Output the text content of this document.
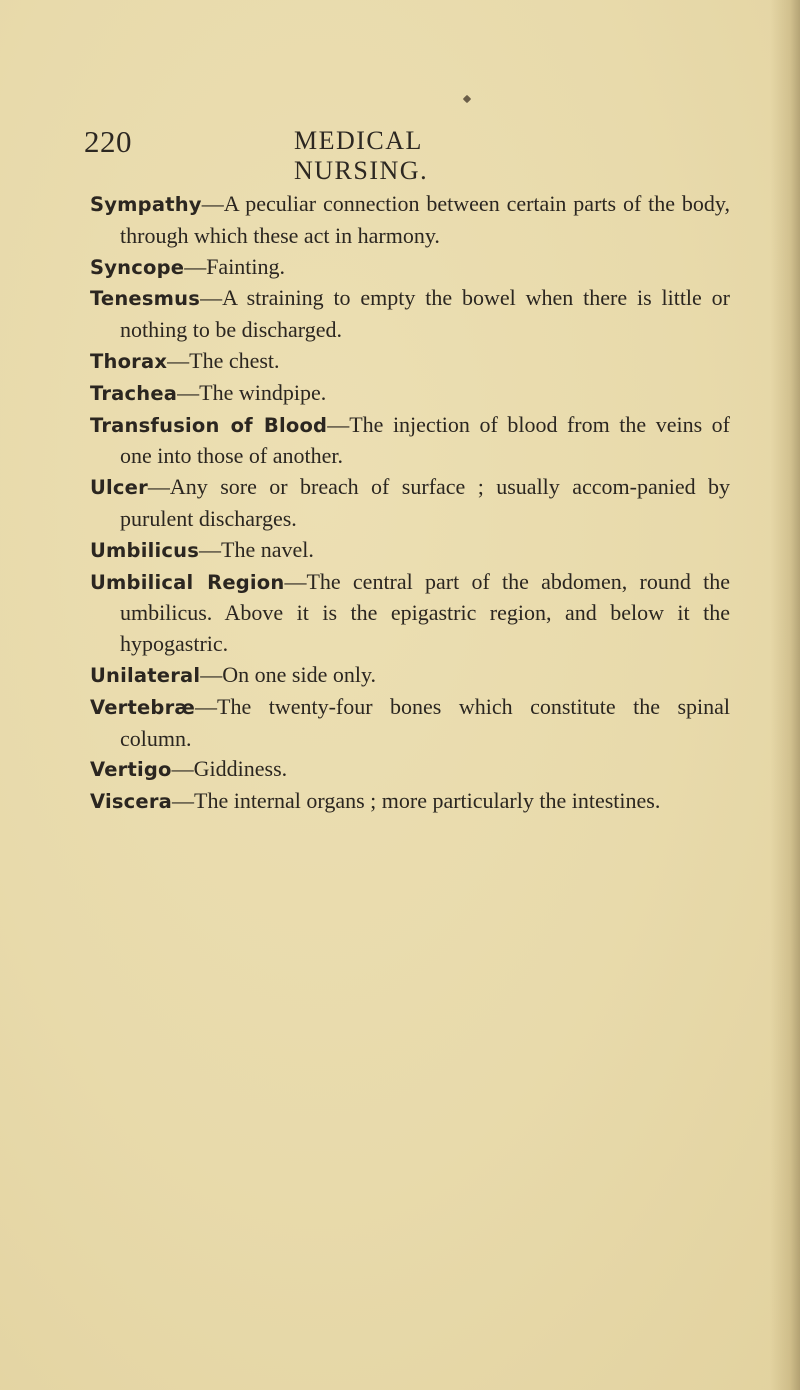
220	MEDICAL NURSING.

Sympathy—A peculiar connection between certain parts of the body, through which these act in harmony.

Syncope—Fainting.

Tenesmus—A straining to empty the bowel when there is little or nothing to be discharged.

Thorax—The chest.

Trachea—The windpipe.

Transfusion of Blood—The injection of blood from the veins of one into those of another.

Ulcer—Any sore or breach of surface ; usually accom-panied by purulent discharges.

Umbilicus—The navel.

Umbilical Region—The central part of the abdomen, round the umbilicus. Above it is the epigastric region, and below it the hypogastric.

Unilateral—On one side only.

Vertebræ—The twenty-four bones which constitute the spinal column.

Vertigo—Giddiness.

Viscera—The internal organs ; more particularly the intestines.
